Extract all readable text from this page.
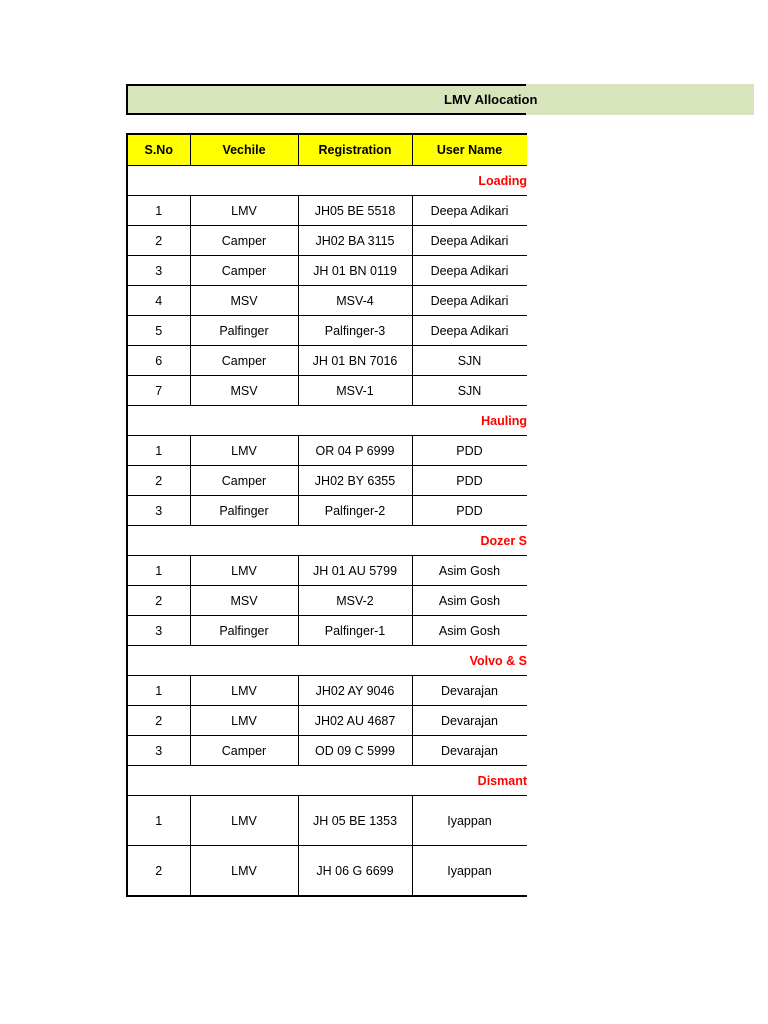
LMV Allocation
S.No	Vechile	Registration	User Name	
Loading				
1	LMV	JH05 BE 5518	Deepa Adikari	
2	Camper	JH02 BA 3115	Deepa Adikari	
3	Camper	JH 01 BN 0119	Deepa Adikari	
4	MSV	MSV-4	Deepa Adikari	
5	Palfinger	Palfinger-3	Deepa Adikari	
6	Camper	JH 01 BN 7016	SJN	
7	MSV	MSV-1	SJN	
Hauling				
1	LMV	OR 04 P 6999	PDD	
2	Camper	JH02 BY 6355	PDD	
3	Palfinger	Palfinger-2	PDD	
Dozer S				
1	LMV	JH 01 AU 5799	Asim Gosh	
2	MSV	MSV-2	Asim Gosh	
3	Palfinger	Palfinger-1	Asim Gosh	
Volvo & S				
1	LMV	JH02 AY 9046	Devarajan	
2	LMV	JH02 AU 4687	Devarajan	
3	Camper	OD 09 C 5999	Devarajan	
Dismant				
1	LMV	JH 05 BE 1353	Iyappan	
2	LMV	JH 06 G 6699	Iyappan	
